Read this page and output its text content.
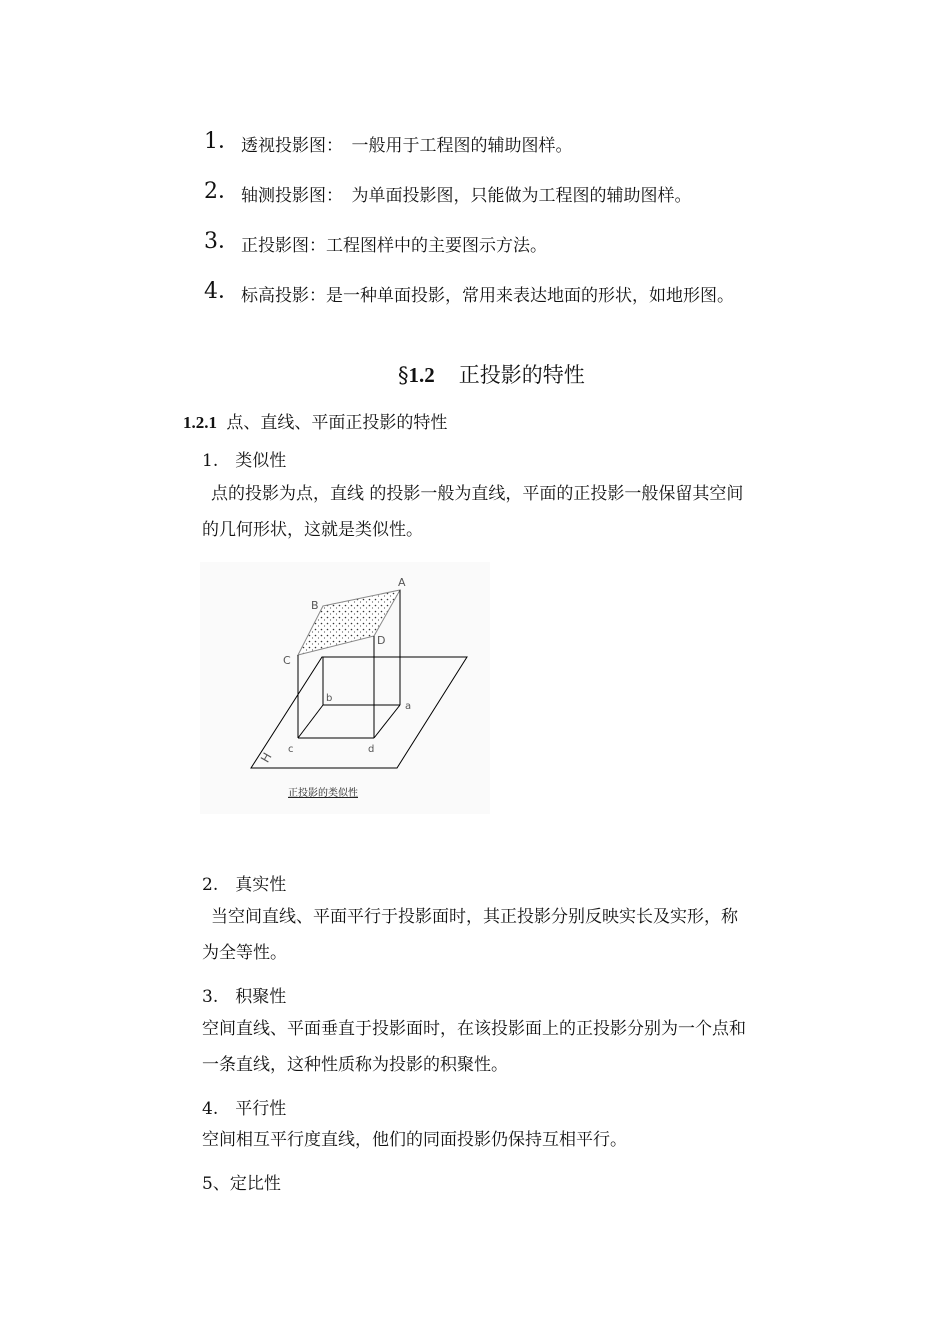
1． 透视投影图：　一般用于工程图的辅助图样。
2． 轴测投影图：　为单面投影图，只能做为工程图的辅助图样。
3． 正投影图：工程图样中的主要图示方法。
4． 标高投影：是一种单面投影，常用来表达地面的形状，如地形图。
§1.2 正投影的特性
1.2.1 点、直线、平面正投影的特性
1.　类似性
点的投影为点，直线 的投影一般为直线，平面的正投影一般保留其空间
的几何形状，这就是类似性。
A
B
C
D
a
b
c	d
H
正投影的类似性
2.　真实性
当空间直线、平面平行于投影面时，其正投影分别反映实长及实形，称
为全等性。
3.　积聚性
空间直线、平面垂直于投影面时，在该投影面上的正投影分别为一个点和
一条直线，这种性质称为投影的积聚性。
4.　平行性
空间相互平行度直线，他们的同面投影仍保持互相平行。
5、定比性
